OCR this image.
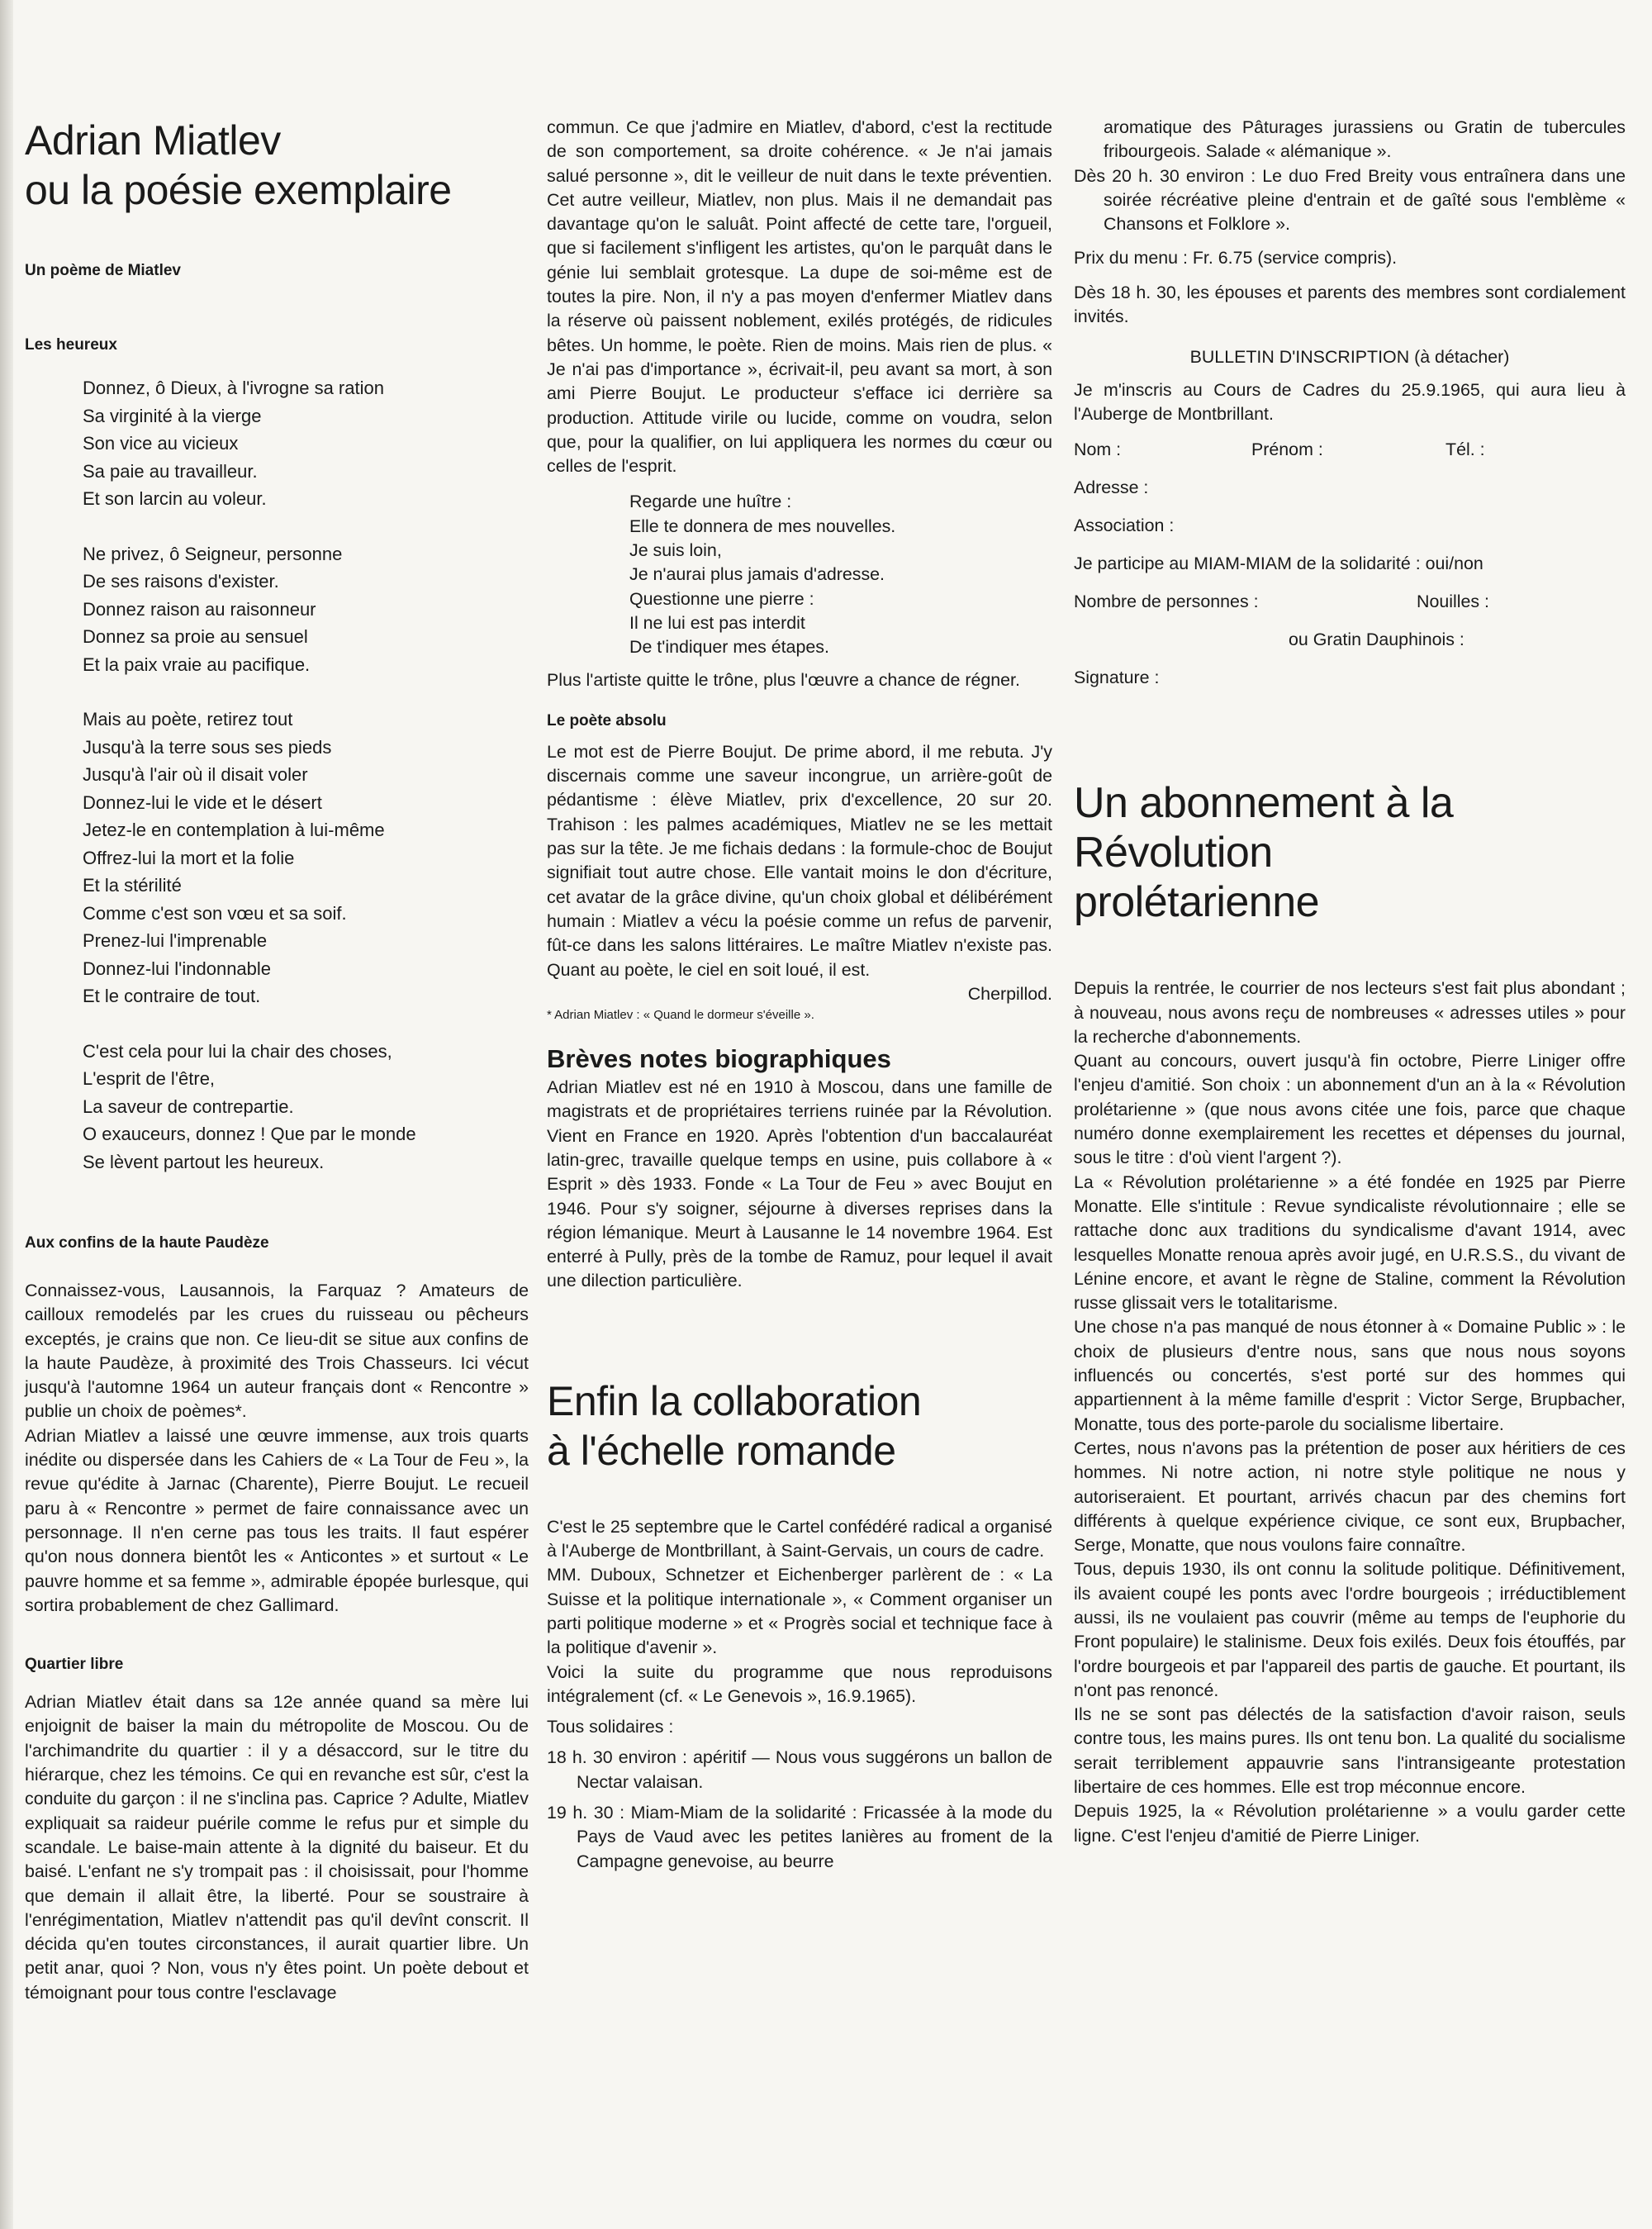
Adrian Miatlev
ou la poésie exemplaire

Un poème de Miatlev

Les heureux

Donnez, ô Dieux, à l'ivrogne sa ration
Sa virginité à la vierge
Son vice au vicieux
Sa paie au travailleur.
Et son larcin au voleur.
Ne privez, ô Seigneur, personne
De ses raisons d'exister.
Donnez raison au raisonneur
Donnez sa proie au sensuel
Et la paix vraie au pacifique.
Mais au poète, retirez tout
Jusqu'à la terre sous ses pieds
Jusqu'à l'air où il disait voler
Donnez-lui le vide et le désert
Jetez-le en contemplation à lui-même
Offrez-lui la mort et la folie
Et la stérilité
Comme c'est son vœu et sa soif.
Prenez-lui l'imprenable
Donnez-lui l'indonnable
Et le contraire de tout.
C'est cela pour lui la chair des choses,
L'esprit de l'être,
La saveur de contrepartie.
O exauceurs, donnez ! Que par le monde
Se lèvent partout les heureux.

Aux confins de la haute Paudèze

Connaissez-vous, Lausannois, la Farquaz ? Amateurs de cailloux remodelés par les crues du ruisseau ou pêcheurs exceptés, je crains que non. Ce lieu-dit se situe aux confins de la haute Paudèze, à proximité des Trois Chasseurs. Ici vécut jusqu'à l'automne 1964 un auteur français dont « Rencontre » publie un choix de poèmes*.

Adrian Miatlev a laissé une œuvre immense, aux trois quarts inédite ou dispersée dans les Cahiers de « La Tour de Feu », la revue qu'édite à Jarnac (Charente), Pierre Boujut. Le recueil paru à « Rencontre » permet de faire connaissance avec un personnage. Il n'en cerne pas tous les traits. Il faut espérer qu'on nous donnera bientôt les « Anticontes » et surtout « Le pauvre homme et sa femme », admirable épopée burlesque, qui sortira probablement de chez Gallimard.

Quartier libre

Adrian Miatlev était dans sa 12e année quand sa mère lui enjoignit de baiser la main du métropolite de Moscou. Ou de l'archimandrite du quartier : il y a désaccord, sur le titre du hiérarque, chez les témoins. Ce qui en revanche est sûr, c'est la conduite du garçon : il ne s'inclina pas. Caprice ? Adulte, Miatlev expliquait sa raideur puérile comme le refus pur et simple du scandale. Le baise-main attente à la dignité du baiseur. Et du baisé. L'enfant ne s'y trompait pas : il choisissait, pour l'homme que demain il allait être, la liberté. Pour se soustraire à l'enrégimentation, Miatlev n'attendit pas qu'il devînt conscrit. Il décida qu'en toutes circonstances, il aurait quartier libre. Un petit anar, quoi ? Non, vous n'y êtes point. Un poète debout et témoignant pour tous contre l'esclavage

commun. Ce que j'admire en Miatlev, d'abord, c'est la rectitude de son comportement, sa droite cohérence. « Je n'ai jamais salué personne », dit le veilleur de nuit dans le texte préventien. Cet autre veilleur, Miatlev, non plus. Mais il ne demandait pas davantage qu'on le saluât. Point affecté de cette tare, l'orgueil, que si facilement s'infligent les artistes, qu'on le parquât dans le génie lui semblait grotesque. La dupe de soi-même est de toutes la pire. Non, il n'y a pas moyen d'enfermer Miatlev dans la réserve où paissent noblement, exilés protégés, de ridicules bêtes. Un homme, le poète. Rien de moins. Mais rien de plus. « Je n'ai pas d'importance », écrivait-il, peu avant sa mort, à son ami Pierre Boujut. Le producteur s'efface ici derrière sa production. Attitude virile ou lucide, comme on voudra, selon que, pour la qualifier, on lui appliquera les normes du cœur ou celles de l'esprit.

Regarde une huître :
Elle te donnera de mes nouvelles.
Je suis loin,
Je n'aurai plus jamais d'adresse.
Questionne une pierre :
Il ne lui est pas interdit
De t'indiquer mes étapes.

Plus l'artiste quitte le trône, plus l'œuvre a chance de régner.

Le poète absolu

Le mot est de Pierre Boujut. De prime abord, il me rebuta. J'y discernais comme une saveur incongrue, un arrière-goût de pédantisme : élève Miatlev, prix d'excellence, 20 sur 20. Trahison : les palmes académiques, Miatlev ne se les mettait pas sur la tête. Je me fichais dedans : la formule-choc de Boujut signifiait tout autre chose. Elle vantait moins le don d'écriture, cet avatar de la grâce divine, qu'un choix global et délibérément humain : Miatlev a vécu la poésie comme un refus de parvenir, fût-ce dans les salons littéraires. Le maître Miatlev n'existe pas. Quant au poète, le ciel en soit loué, il est.

Cherpillod.

* Adrian Miatlev : « Quand le dormeur s'éveille ».

Brèves notes biographiques

Adrian Miatlev est né en 1910 à Moscou, dans une famille de magistrats et de propriétaires terriens ruinée par la Révolution. Vient en France en 1920. Après l'obtention d'un baccalauréat latin-grec, travaille quelque temps en usine, puis collabore à « Esprit » dès 1933. Fonde « La Tour de Feu » avec Boujut en 1946. Pour s'y soigner, séjourne à diverses reprises dans la région lémanique. Meurt à Lausanne le 14 novembre 1964. Est enterré à Pully, près de la tombe de Ramuz, pour lequel il avait une dilection particulière.

Enfin la collaboration
à l'échelle romande

C'est le 25 septembre que le Cartel confédéré radical a organisé à l'Auberge de Montbrillant, à Saint-Gervais, un cours de cadre.

MM. Duboux, Schnetzer et Eichenberger parlèrent de : « La Suisse et la politique internationale », « Comment organiser un parti politique moderne » et « Progrès social et technique face à la politique d'avenir ».

Voici la suite du programme que nous reproduisons intégralement (cf. « Le Genevois », 16.9.1965).

Tous solidaires :

18 h. 30 environ : apéritif — Nous vous suggérons un ballon de Nectar valaisan.

19 h. 30 : Miam-Miam de la solidarité : Fricassée à la mode du Pays de Vaud avec les petites lanières au froment de la Campagne genevoise, au beurre

aromatique des Pâturages jurassiens ou Gratin de tubercules fribourgeois. Salade « alémanique ».

Dès 20 h. 30 environ : Le duo Fred Breity vous entraînera dans une soirée récréative pleine d'entrain et de gaîté sous l'emblème « Chansons et Folklore ».

Prix du menu : Fr. 6.75 (service compris).

Dès 18 h. 30, les épouses et parents des membres sont cordialement invités.

BULLETIN D'INSCRIPTION (à détacher)

Je m'inscris au Cours de Cadres du 25.9.1965, qui aura lieu à l'Auberge de Montbrillant.

Nom :	Prénom :	Tél. :
Adresse :
Association :
Je participe au MIAM-MIAM de la solidarité : oui/non
Nombre de personnes :	Nouilles :
ou Gratin Dauphinois :
Signature :
Un abonnement à la
Révolution
prolétarienne

Depuis la rentrée, le courrier de nos lecteurs s'est fait plus abondant ; à nouveau, nous avons reçu de nombreuses « adresses utiles » pour la recherche d'abonnements.

Quant au concours, ouvert jusqu'à fin octobre, Pierre Liniger offre l'enjeu d'amitié. Son choix : un abonnement d'un an à la « Révolution prolétarienne » (que nous avons citée une fois, parce que chaque numéro donne exemplairement les recettes et dépenses du journal, sous le titre : d'où vient l'argent ?).

La « Révolution prolétarienne » a été fondée en 1925 par Pierre Monatte. Elle s'intitule : Revue syndicaliste révolutionnaire ; elle se rattache donc aux traditions du syndicalisme d'avant 1914, avec lesquelles Monatte renoua après avoir jugé, en U.R.S.S., du vivant de Lénine encore, et avant le règne de Staline, comment la Révolution russe glissait vers le totalitarisme.

Une chose n'a pas manqué de nous étonner à « Domaine Public » : le choix de plusieurs d'entre nous, sans que nous nous soyons influencés ou concertés, s'est porté sur des hommes qui appartiennent à la même famille d'esprit : Victor Serge, Brupbacher, Monatte, tous des porte-parole du socialisme libertaire.

Certes, nous n'avons pas la prétention de poser aux héritiers de ces hommes. Ni notre action, ni notre style politique ne nous y autoriseraient. Et pourtant, arrivés chacun par des chemins fort différents à quelque expérience civique, ce sont eux, Brupbacher, Serge, Monatte, que nous voulons faire connaître.

Tous, depuis 1930, ils ont connu la solitude politique. Définitivement, ils avaient coupé les ponts avec l'ordre bourgeois ; irréductiblement aussi, ils ne voulaient pas couvrir (même au temps de l'euphorie du Front populaire) le stalinisme. Deux fois exilés. Deux fois étouffés, par l'ordre bourgeois et par l'appareil des partis de gauche. Et pourtant, ils n'ont pas renoncé.

Ils ne se sont pas délectés de la satisfaction d'avoir raison, seuls contre tous, les mains pures. Ils ont tenu bon. La qualité du socialisme serait terriblement appauvrie sans l'intransigeante protestation libertaire de ces hommes. Elle est trop méconnue encore.

Depuis 1925, la « Révolution prolétarienne » a voulu garder cette ligne. C'est l'enjeu d'amitié de Pierre Liniger.
